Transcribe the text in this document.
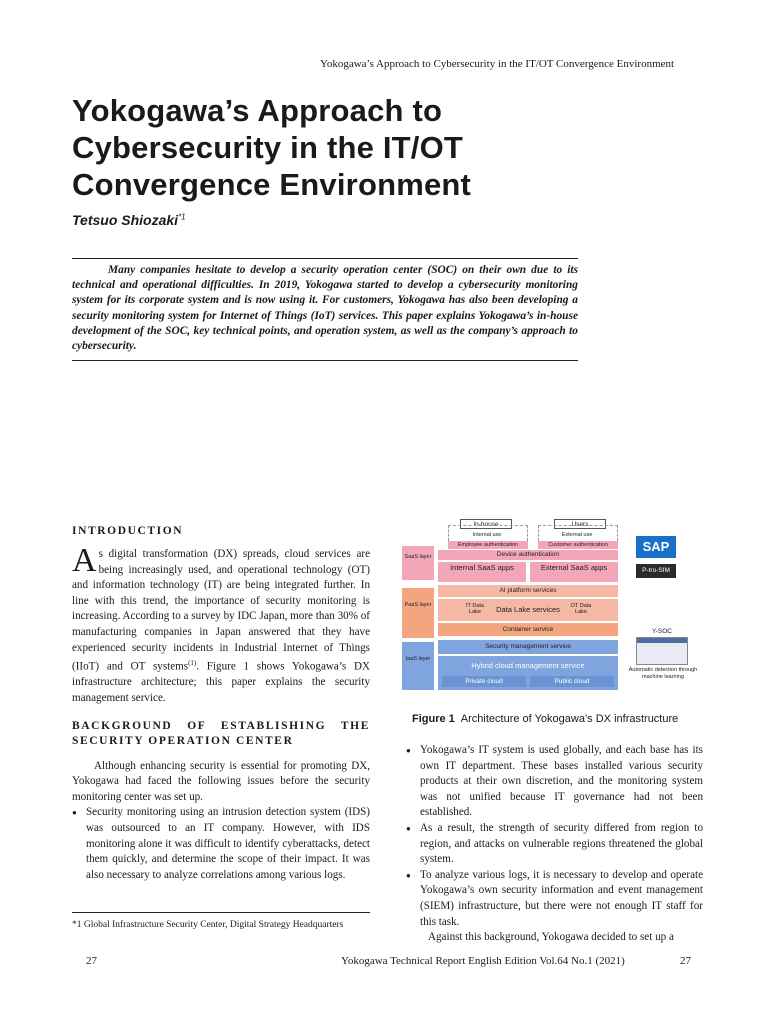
Yokogawa’s Approach to Cybersecurity in the IT/OT Convergence Environment
Yokogawa’s Approach to
Cybersecurity in the IT/OT
Convergence Environment
Tetsuo Shiozaki$^{*1}$
Many companies hesitate to develop a security operation center (SOC) on their own due to its technical and operational difficulties. In 2019, Yokogawa started to develop a cybersecurity monitoring system for its corporate system and is now using it. For customers, Yokogawa has also been developing a security monitoring system for Internet of Things (IoT) services. This paper explains Yokogawa’s in-house development of the SOC, key technical points, and operation system, as well as the company’s approach to cybersecurity.
INTRODUCTION
As digital transformation (DX) spreads, cloud services are being increasingly used, and operational technology (OT) and information technology (IT) are being integrated further. In line with this trend, the importance of security monitoring is increasing. According to a survey by IDC Japan, more than 30% of manufacturing companies in Japan answered that they have experienced security incidents in Industrial Internet of Things (IIoT) and OT systems$^{(1)}$. Figure 1 shows Yokogawa’s DX infrastructure architecture; this paper explains the security management service.
BACKGROUND OF ESTABLISHING THE SECURITY OPERATION CENTER
Although enhancing security is essential for promoting DX, Yokogawa had faced the following issues before the security monitoring center was set up.
● Security monitoring using an intrusion detection system (IDS) was outsourced to an IT company. However, with IDS monitoring alone it was difficult to identify cyberattacks, detect them quickly, and determine the scope of their impact. It was also necessary to analyze correlations among various logs.
*1 Global Infrastructure Security Center, Digital Strategy Headquarters
In-house	Users
Internal use	External use
SaaS layer
PaaS layer
IaaS layer
Employee authentication	Customer authentication
Device authentication
Internal SaaS apps	External SaaS apps
AI platform services
IT Data Lake	Data Lake services	OT Data Lake
Container service
Security management service
Hybrid cloud management service
Private cloud	Public cloud
SAP
P-tro-SIM
Y-SOC
Automatic detection through machine learning
Figure 1 Architecture of Yokogawa’s DX infrastructure
● Yokogawa’s IT system is used globally, and each base has its own IT department. These bases installed various security products at their own discretion, and the monitoring system was not unified because IT governance had not been established.
● As a result, the strength of security differed from region to region, and attacks on vulnerable regions threatened the global system.
● To analyze various logs, it is necessary to develop and operate Yokogawa’s own security information and event management (SIEM) infrastructure, but there were not enough IT staff for this task.
Against this background, Yokogawa decided to set up a
27	Yokogawa Technical Report English Edition Vol.64 No.1 (2021)	27
